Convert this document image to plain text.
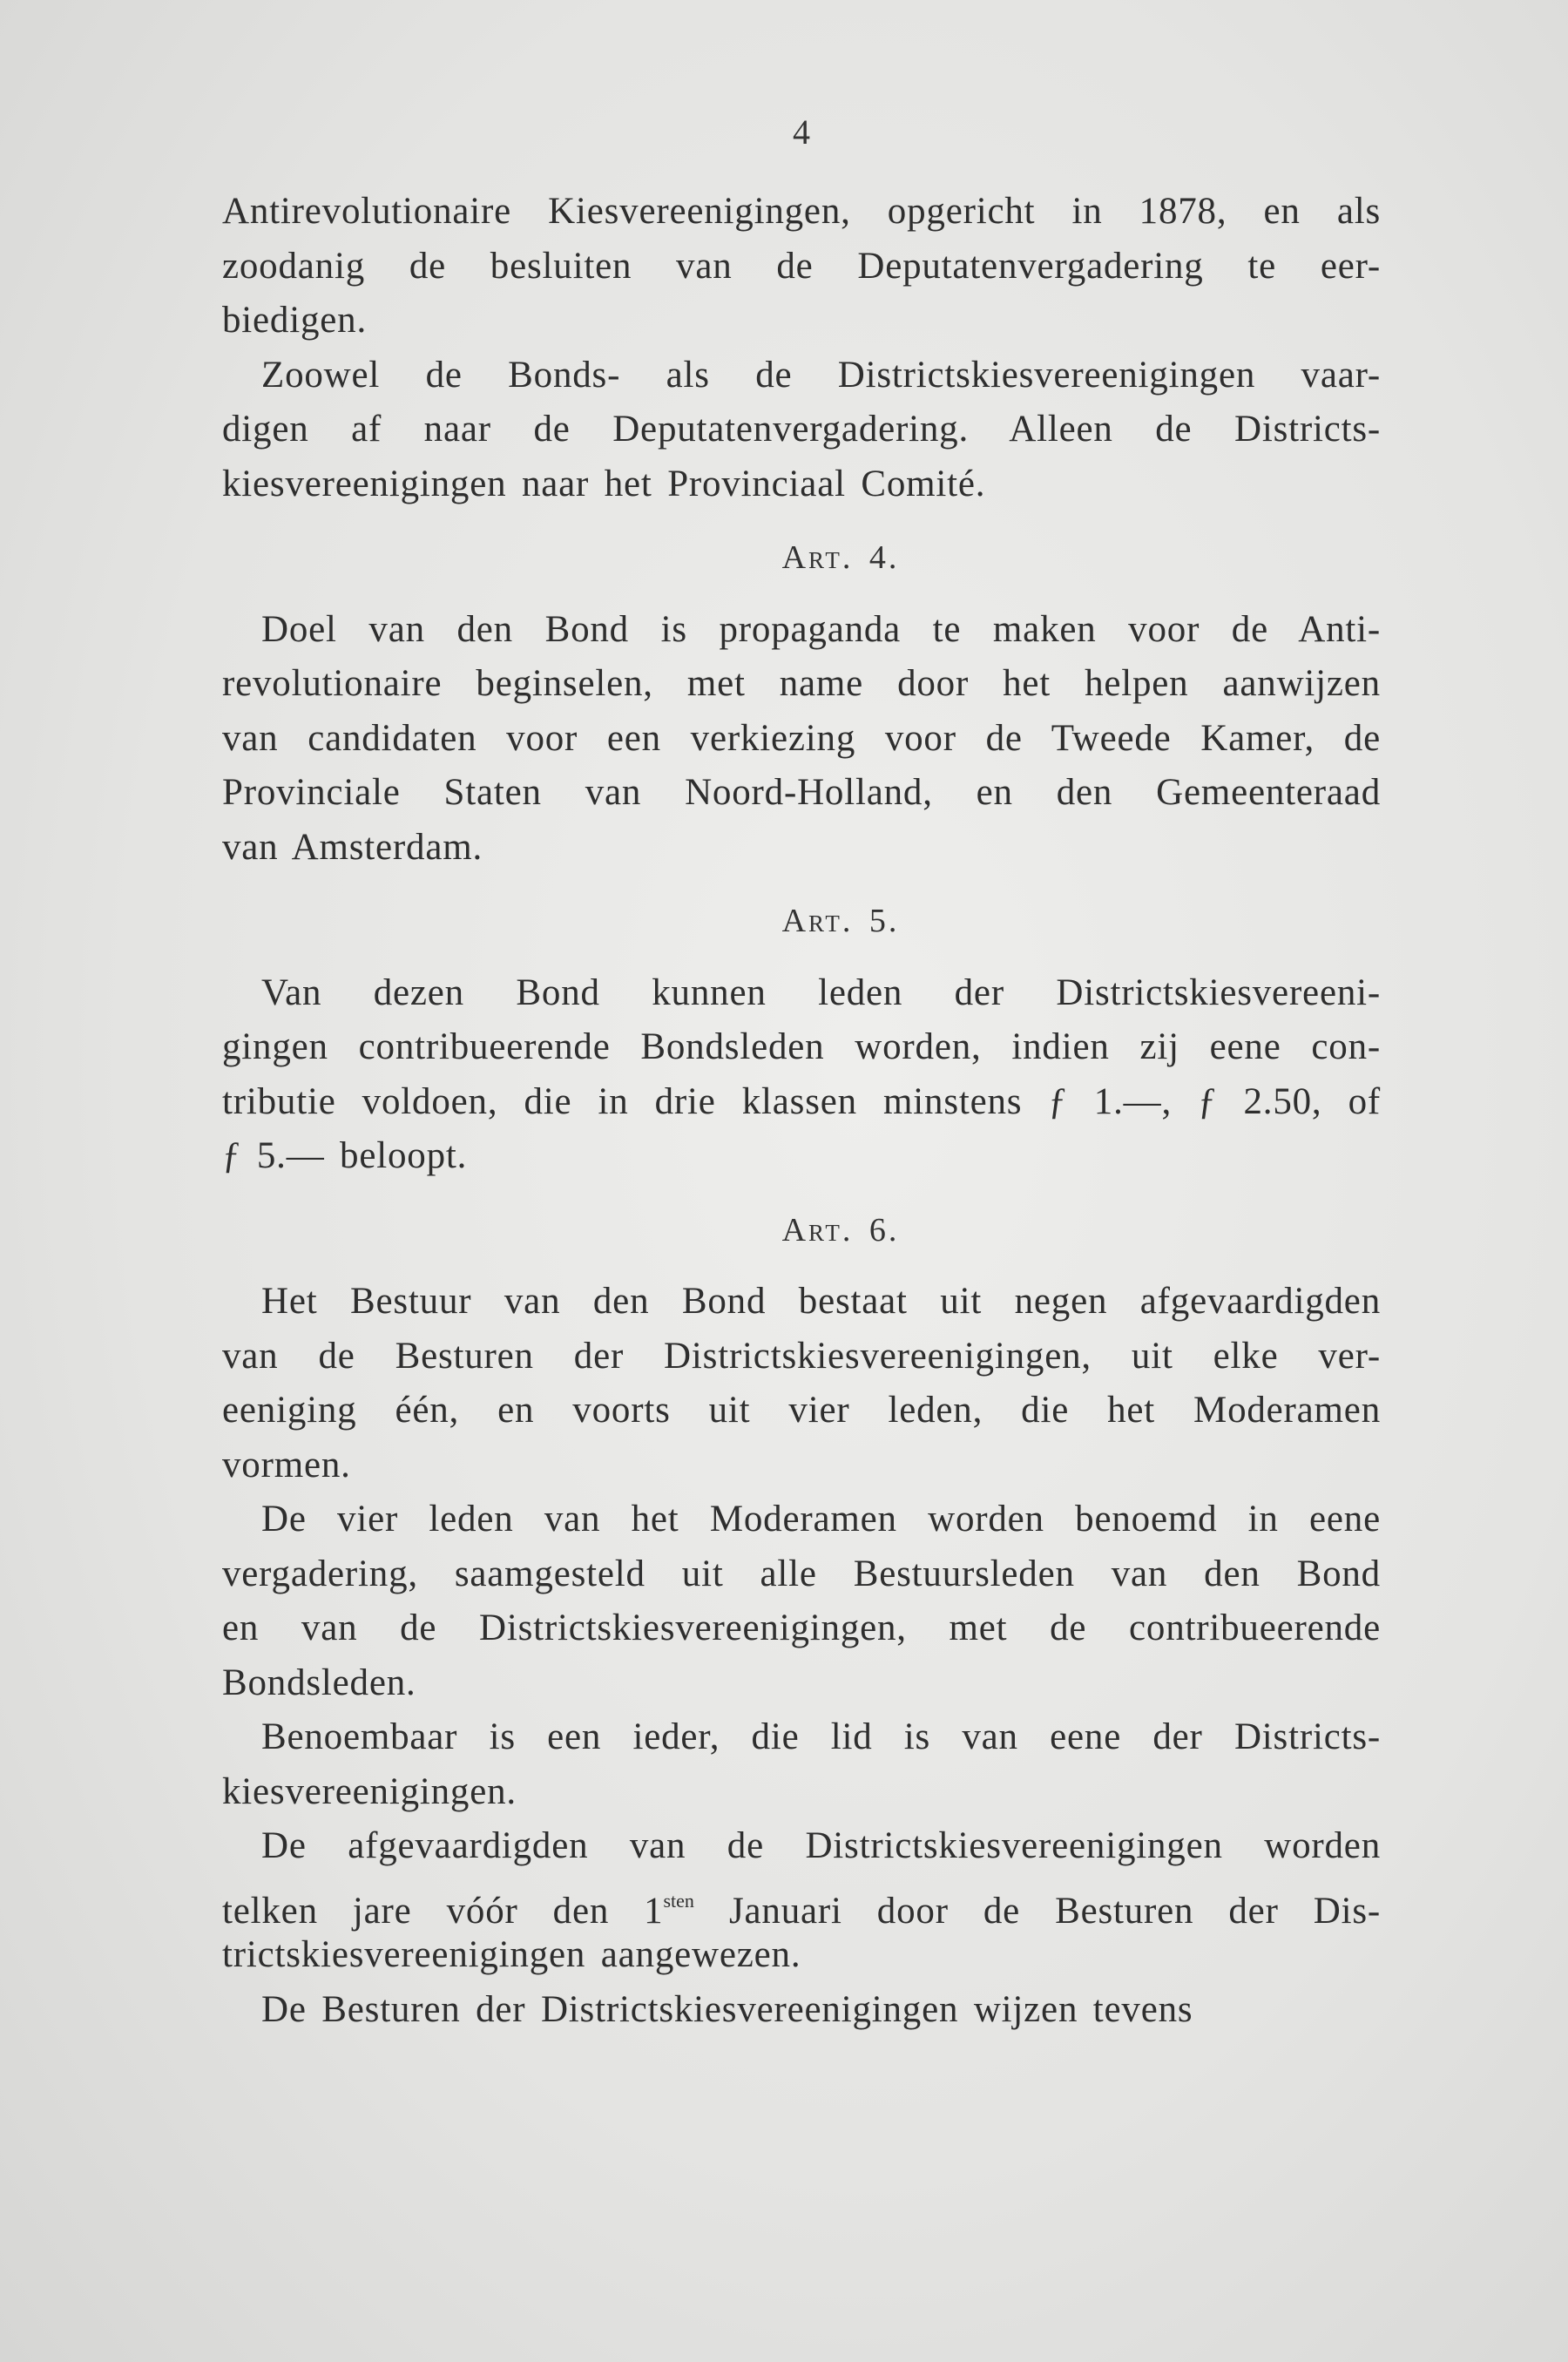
4
Antirevolutionaire Kiesvereenigingen, opgericht in 1878, en als
zoodanig de besluiten van de Deputatenvergadering te eer-
biedigen.
Zoowel de Bonds- als de Districtskiesvereenigingen vaar-
digen af naar de Deputatenvergadering. Alleen de Districts-
kiesvereenigingen naar het Provinciaal Comité.
Art. 4.
Doel van den Bond is propaganda te maken voor de Anti-
revolutionaire beginselen, met name door het helpen aanwijzen
van candidaten voor een verkiezing voor de Tweede Kamer, de
Provinciale Staten van Noord-Holland, en den Gemeenteraad
van Amsterdam.
Art. 5.
Van dezen Bond kunnen leden der Districtskiesvereeni-
gingen contribueerende Bondsleden worden, indien zij eene con-
tributie voldoen, die in drie klassen minstens ƒ 1.—, ƒ 2.50, of
ƒ 5.— beloopt.
Art. 6.
Het Bestuur van den Bond bestaat uit negen afgevaardigden
van de Besturen der Districtskiesvereenigingen, uit elke ver-
eeniging één, en voorts uit vier leden, die het Moderamen
vormen.
De vier leden van het Moderamen worden benoemd in eene
vergadering, saamgesteld uit alle Bestuursleden van den Bond
en van de Districtskiesvereenigingen, met de contribueerende
Bondsleden.
Benoembaar is een ieder, die lid is van eene der Districts-
kiesvereenigingen.
De afgevaardigden van de Districtskiesvereenigingen worden
telken jare vóór den $1^{sten}$ Januari door de Besturen der Dis-
trictskiesvereenigingen aangewezen.
De Besturen der Districtskiesvereenigingen wijzen tevens
